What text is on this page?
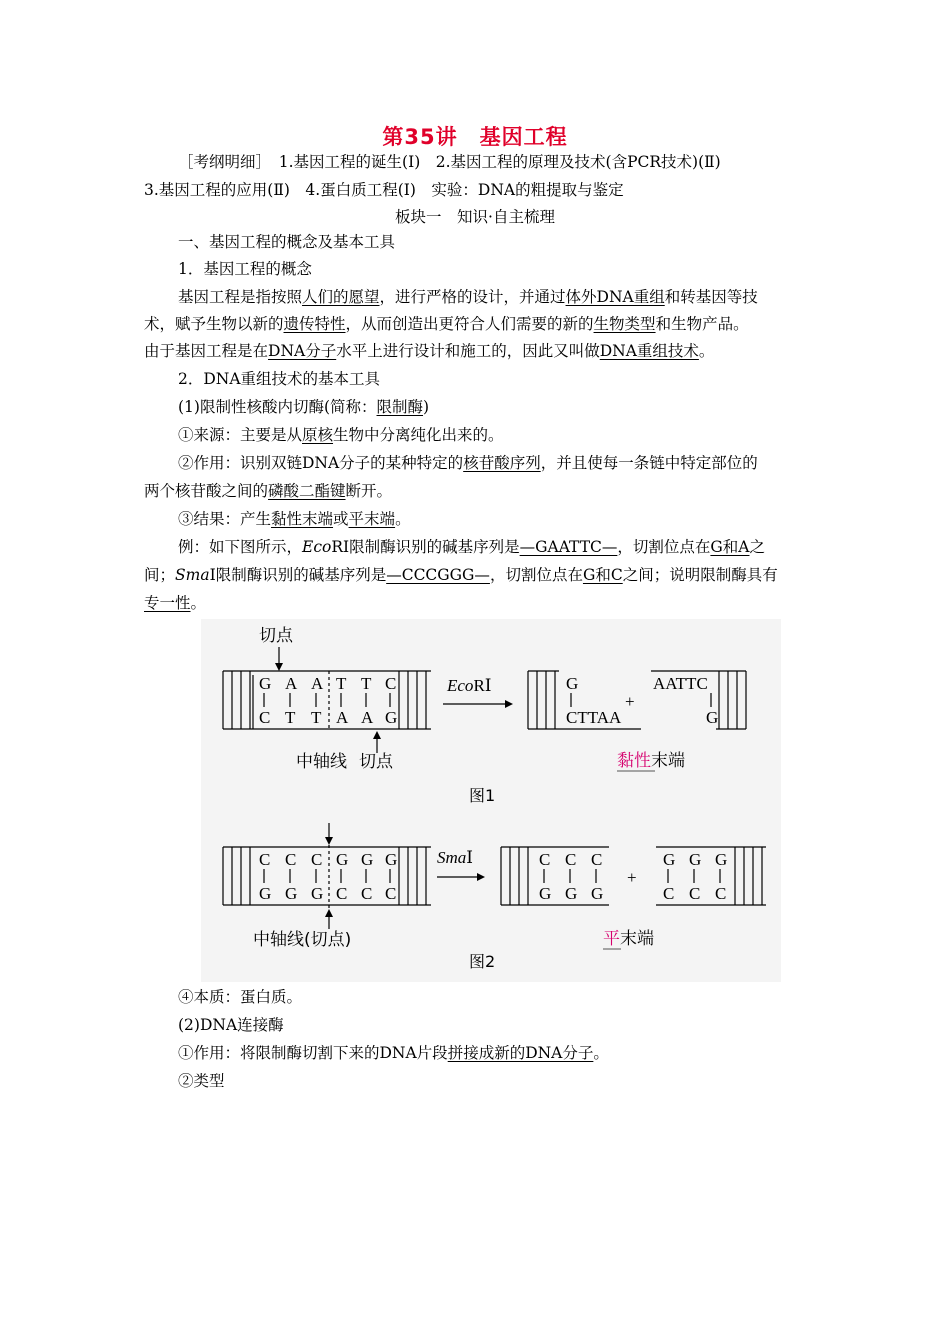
第35讲　基因工程
［考纲明细］　1.基因工程的诞生(Ⅰ)　2.基因工程的原理及技术(含PCR技术)(Ⅱ)
3.基因工程的应用(Ⅱ)　4.蛋白质工程(Ⅰ)　实验：DNA的粗提取与鉴定
板块一　知识·自主梳理
一、基因工程的概念及基本工具
1．基因工程的概念
基因工程是指按照人们的愿望，进行严格的设计，并通过体外DNA重组和转基因等技
术，赋予生物以新的遗传特性，从而创造出更符合人们需要的新的生物类型和生物产品。
由于基因工程是在DNA分子水平上进行设计和施工的，因此又叫做DNA重组技术。
2．DNA重组技术的基本工具
(1)限制性核酸内切酶(简称：限制酶)
①来源：主要是从原核生物中分离纯化出来的。
②作用：识别双链DNA分子的某种特定的核苷酸序列，并且使每一条链中特定部位的
两个核苷酸之间的磷酸二酯键断开。
③结果：产生黏性末端或平末端。
例：如下图所示，EcoRⅠ限制酶识别的碱基序列是—GAATTC—，切割位点在G和A之
间；SmaⅠ限制酶识别的碱基序列是—CCCGGG—，切割位点在G和C之间；说明限制酶具有
专一性。
切点
G A A T T C
C T T A A G
中轴线 切点
EcoRⅠ	G
CTTAA
+
AATTC
G
黏性末端
图1
C C C G G G
G G G C C C
中轴线(切点)
SmaⅠ	C C C
G G G
+
G G G
C C C
平末端
图2
④本质：蛋白质。
(2)DNA连接酶
①作用：将限制酶切割下来的DNA片段拼接成新的DNA分子。
②类型
